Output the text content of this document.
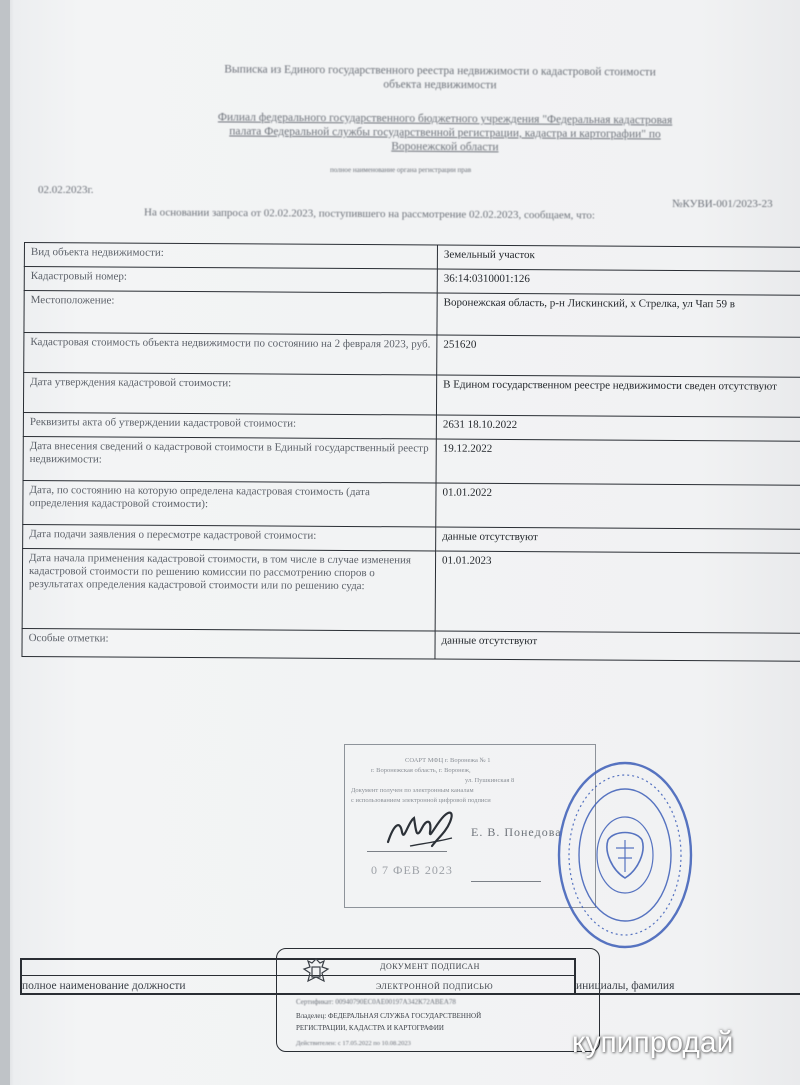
Выписка из Единого государственного реестра недвижимости о кадастровой стоимости
объекта недвижимости
Филиал федерального государственного бюджетного учреждения "Федеральная кадастровая
палата Федеральной службы государственной регистрации, кадастра и картографии" по
Воронежской области
полное наименование органа регистрации прав
02.02.2023г.
№КУВИ-001/2023-23
На основании запроса от 02.02.2023, поступившего на рассмотрение 02.02.2023, сообщаем, что:
Вид объекта недвижимости:	Земельный участок
Кадастровый номер:	36:14:0310001:126
Местоположение:	Воронежская область, р-н Лискинский, х Стрелка, ул Чап 59 в
Кадастровая стоимость объекта недвижимости по состоянию на 2 февраля 2023, руб.	251620
Дата утверждения кадастровой стоимости:	В Едином государственном реестре недвижимости сведен отсутствуют
Реквизиты акта об утверждении кадастровой стоимости:	2631 18.10.2022
Дата внесения сведений о кадастровой стоимости в Единый государственный реестр недвижимости:	19.12.2022
Дата, по состоянию на которую определена кадастровая стоимость (дата определения кадастровой стоимости):	01.01.2022
Дата подачи заявления о пересмотре кадастровой стоимости:	данные отсутствуют
Дата начала применения кадастровой стоимости, в том числе в случае изменения кадастровой стоимости по решению комиссии по рассмотрению споров о результатах определения кадастровой стоимости или по решению суда:	01.01.2023
Особые отметки:	данные отсутствуют
СОАРТ МФЦ г. Воронежа № 1
г. Воронежская область, г. Воронеж,
ул. Пушкинская 8
Документ получен по электронным каналам
с использованием электронной цифровой подписи
Е. В. Понедова
0 7 ФЕВ 2023
ДОКУМЕНТ ПОДПИСАН
ЭЛЕКТРОННОЙ ПОДПИСЬЮ
Сертификат: 00940790ЕС0АЕ00197А342К72АВЕА78
Владелец: ФЕДЕРАЛЬНАЯ СЛУЖБА ГОСУДАРСТВЕННОЙ
РЕГИСТРАЦИИ, КАДАСТРА И КАРТОГРАФИИ
Действителен: с 17.05.2022 по 10.08.2023
полное наименование должности	инициалы, фамилия
купипродай
